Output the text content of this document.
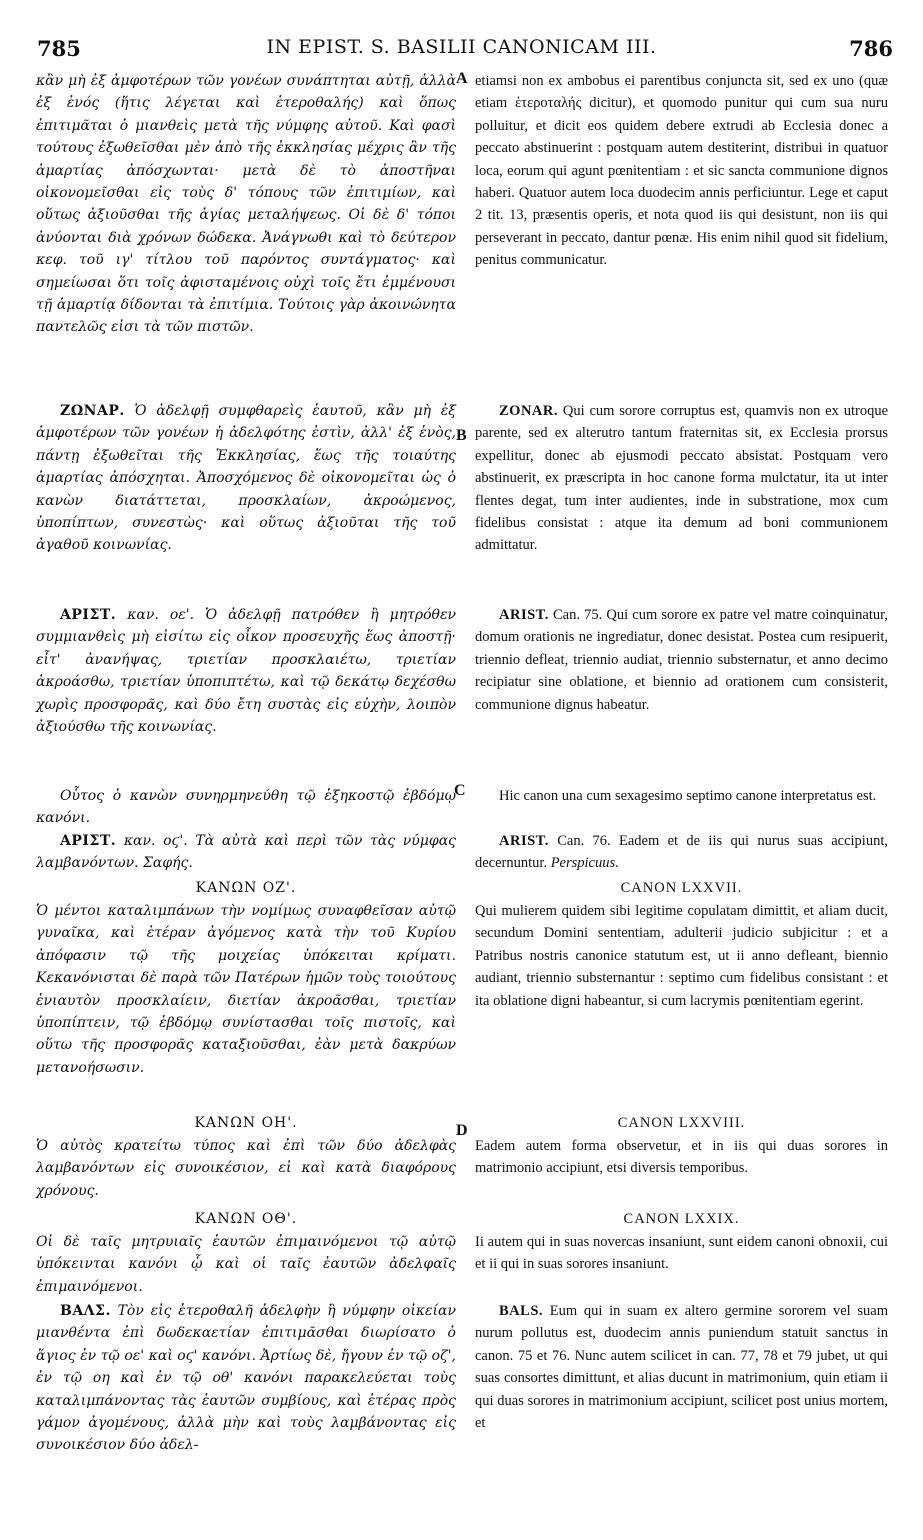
785	IN EPIST. S. BASILII CANONICAM III.	786
A
B
C
D

κἂν μὴ ἐξ ἀμφοτέρων τῶν γονέων συνάπτηται αὐτῇ, ἀλλὰ ἐξ ἑνός (ἥτις λέγεται καὶ ἑτεροθαλής) καὶ ὅπως ἐπιτιμᾶται ὁ μιανθεὶς μετὰ τῆς νύμφης αὐτοῦ. Καὶ φασὶ τούτους ἐξωθεῖσθαι μὲν ἀπὸ τῆς ἐκκλησίας μέχρις ἂν τῆς ἁμαρτίας ἀπόσχωνται· μετὰ δὲ τὸ ἀποστῆναι οἰκονομεῖσθαι εἰς τοὺς δ' τόπους τῶν ἐπιτιμίων, καὶ οὕτως ἀξιοῦσθαι τῆς ἁγίας μεταλήψεως. Οἱ δὲ δ' τόποι ἀνύονται διὰ χρόνων δώδεκα. Ἀνάγνωθι καὶ τὸ δεύτερον κεφ. τοῦ ιγ' τίτλου τοῦ παρόντος συντάγματος· καὶ σημείωσαι ὅτι τοῖς ἀφισταμένοις οὐχὶ τοῖς ἔτι ἐμμένουσι τῇ ἁμαρτίᾳ δίδονται τὰ ἐπιτίμια. Τούτοις γὰρ ἀκοινώνητα παντελῶς εἰσι τὰ τῶν πιστῶν.

ΖΩΝΑΡ. Ὁ ἀδελφῇ συμφθαρεὶς ἑαυτοῦ, κἂν μὴ ἐξ ἀμφοτέρων τῶν γονέων ἡ ἀδελφότης ἐστὶν, ἀλλ' ἐξ ἑνὸς, πάντῃ ἐξωθεῖται τῆς Ἐκκλησίας, ἕως τῆς τοιαύτης ἁμαρτίας ἀπόσχηται. Ἀποσχόμενος δὲ οἰκονομεῖται ὡς ὁ κανὼν διατάττεται, προσκλαίων, ἀκροώμενος, ὑποπίπτων, συνεστὼς· καὶ οὕτως ἀξιοῦται τῆς τοῦ ἀγαθοῦ κοινωνίας.

ΑΡΙΣΤ. καν. οε'. Ὁ ἀδελφῇ πατρόθεν ἢ μητρόθεν συμμιανθεὶς μὴ εἰσίτω εἰς οἶκον προσευχῆς ἕως ἀποστῇ· εἶτ' ἀνανήψας, τριετίαν προσκλαιέτω, τριετίαν ἀκροάσθω, τριετίαν ὑποπιπτέτω, καὶ τῷ δεκάτῳ δεχέσθω χωρὶς προσφορᾶς, καὶ δύο ἔτη συστὰς εἰς εὐχὴν, λοιπὸν ἀξιούσθω τῆς κοινωνίας.

Οὗτος ὁ κανὼν συνηρμηνεύθη τῷ ἑξηκοστῷ ἑβδόμῳ κανόνι.

ΑΡΙΣΤ. καν. οϛ'. Τὰ αὐτὰ καὶ περὶ τῶν τὰς νύμφας λαμβανόντων. Σαφής.

ΚΑΝΩΝ ΟΖ'.

Ὁ μέντοι καταλιμπάνων τὴν νομίμως συναφθεῖσαν αὐτῷ γυναῖκα, καὶ ἑτέραν ἀγόμενος κατὰ τὴν τοῦ Κυρίου ἀπόφασιν τῷ τῆς μοιχείας ὑπόκειται κρίματι. Κεκανόνισται δὲ παρὰ τῶν Πατέρων ἡμῶν τοὺς τοιούτους ἐνιαυτὸν προσκλαίειν, διετίαν ἀκροᾶσθαι, τριετίαν ὑποπίπτειν, τῷ ἑβδόμῳ συνίστασθαι τοῖς πιστοῖς, καὶ οὕτω τῆς προσφορᾶς καταξιοῦσθαι, ἐὰν μετὰ δακρύων μετανοήσωσιν.

ΚΑΝΩΝ ΟΗ'.

Ὁ αὐτὸς κρατείτω τύπος καὶ ἐπὶ τῶν δύο ἀδελφὰς λαμβανόντων εἰς συνοικέσιον, εἰ καὶ κατὰ διαφόρους χρόνους.

ΚΑΝΩΝ ΟΘ'.

Οἱ δὲ ταῖς μητρυιαῖς ἑαυτῶν ἐπιμαινόμενοι τῷ αὐτῷ ὑπόκεινται κανόνι ᾧ καὶ οἱ ταῖς ἑαυτῶν ἀδελφαῖς ἐπιμαινόμενοι.

ΒΑΛΣ. Τὸν εἰς ἑτεροθαλῆ ἀδελφὴν ἢ νύμφην οἰκείαν μιανθέντα ἐπὶ δωδεκαετίαν ἐπιτιμᾶσθαι διωρίσατο ὁ ἅγιος ἐν τῷ οε' καὶ οϛ' κανόνι. Ἀρτίως δὲ, ἤγουν ἐν τῷ οζ', ἐν τῷ οη καὶ ἐν τῷ οθ' κανόνι παρακελεύεται τοὺς καταλιμπάνοντας τὰς ἑαυτῶν συμβίους, καὶ ἑτέρας πρὸς γάμον ἀγομένους, ἀλλὰ μὴν καὶ τοὺς λαμβάνοντας εἰς συνοικέσιον δύο ἀδελ-

etiamsi non ex ambobus ei parentibus conjuncta sit, sed ex uno (quæ etiam ἑτεροταλής dicitur), et quomodo punitur qui cum sua nuru polluitur, et dicit eos quidem debere extrudi ab Ecclesia donec a peccato abstinuerint : postquam autem destiterint, distribui in quatuor loca, eorum qui agunt pœnitentiam : et sic sancta communione dignos haberi. Quatuor autem loca duodecim annis perficiuntur. Lege et caput 2 tit. 13, præsentis operis, et nota quod iis qui desistunt, non iis qui perseverant in peccato, dantur pœnæ. His enim nihil quod sit fidelium, penitus communicatur.

ZONAR. Qui cum sorore corruptus est, quamvis non ex utroque parente, sed ex alterutro tantum fraternitas sit, ex Ecclesia prorsus expellitur, donec ab ejusmodi peccato absistat. Postquam vero abstinuerit, ex præscripta in hoc canone forma mulctatur, ita ut inter flentes degat, tum inter audientes, inde in substratione, mox cum fidelibus consistat : atque ita demum ad boni communionem admittatur.

ARIST. Can. 75. Qui cum sorore ex patre vel matre coinquinatur, domum orationis ne ingrediatur, donec desistat. Postea cum resipuerit, triennio defleat, triennio audiat, triennio substernatur, et anno decimo recipiatur sine oblatione, et biennio ad orationem cum consisterit, communione dignus habeatur.

Hic canon una cum sexagesimo septimo canone interpretatus est.

ARIST. Can. 76. Eadem et de iis qui nurus suas accipiunt, decernuntur. Perspicuus.

CANON LXXVII.

Qui mulierem quidem sibi legitime copulatam dimittit, et aliam ducit, secundum Domini sententiam, adulterii judicio subjicitur : et a Patribus nostris canonice statutum est, ut ii anno defleant, biennio audiant, triennio substernantur : septimo cum fidelibus consistant : et ita oblatione digni habeantur, si cum lacrymis pœnitentiam egerint.

CANON LXXVIII.

Eadem autem forma observetur, et in iis qui duas sorores in matrimonio accipiunt, etsi diversis temporibus.

CANON LXXIX.

Ii autem qui in suas novercas insaniunt, sunt eidem canoni obnoxii, cui et ii qui in suas sorores insaniunt.

BALS. Eum qui in suam ex altero germine sororem vel suam nurum pollutus est, duodecim annis puniendum statuit sanctus in canon. 75 et 76. Nunc autem scilicet in can. 77, 78 et 79 jubet, ut qui suas consortes dimittunt, et alias ducunt in matrimonium, quin etiam ii qui duas sorores in matrimonium accipiunt, scilicet post unius mortem, et
